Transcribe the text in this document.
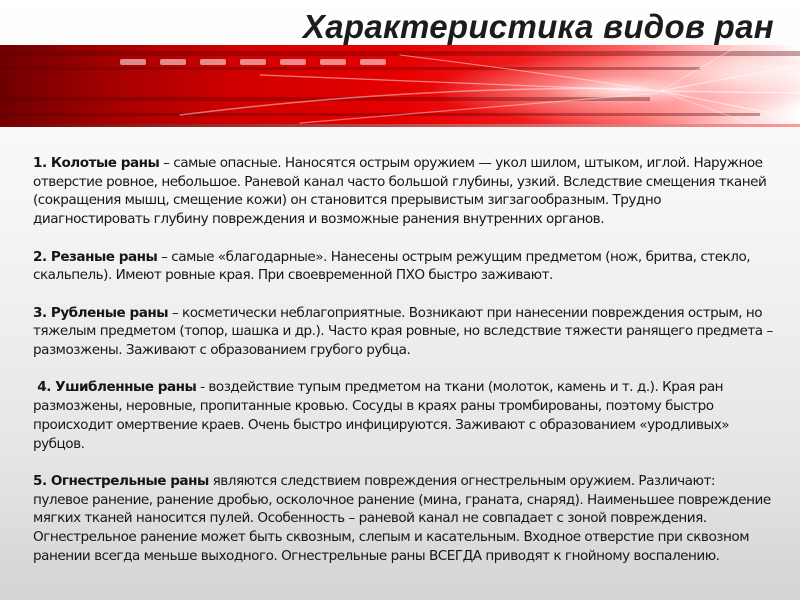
Характеристика видов ран

1. Колотые раны – самые опасные. Наносятся острым оружием — укол шилом, штыком, иглой. Наружное отверстие ровное, небольшое. Раневой канал часто большой глубины, узкий. Вследствие смещения тканей (сокращения мышц, смещение кожи) он становится прерывистым зигзагообразным. Трудно диагностировать глубину повреждения и возможные ранения внутренних органов.

2. Резаные раны – самые «благодарные». Нанесены острым режущим предметом (нож, бритва, стекло, скальпель). Имеют ровные края. При своевременной ПХО быстро заживают.

3. Рубленые раны – косметически неблагоприятные. Возникают при нанесении повреждения острым, но тяжелым предметом (топор, шашка и др.). Часто края ровные, но вследствие тяжести ранящего предмета – размозжены. Заживают с образованием грубого рубца.

4. Ушибленные раны - воздействие тупым предметом на ткани (молоток, камень и т. д.). Края ран размозжены, неровные, пропитанные кровью. Сосуды в краях раны тромбированы, поэтому быстро происходит омертвение краев. Очень быстро инфицируются. Заживают с образованием «уродливых» рубцов.

5. Огнестрельные раны являются следствием повреждения огнестрельным оружием. Различают: пулевое ранение, ранение дробью, осколочное ранение (мина, граната, снаряд). Наименьшее повреждение мягких тканей наносится пулей. Особенность – раневой канал не совпадает с зоной повреждения. Огнестрельное ранение может быть сквозным, слепым и касательным. Входное отверстие при сквозном ранении всегда меньше выходного. Огнестрельные раны ВСЕГДА приводят к гнойному воспалению.
